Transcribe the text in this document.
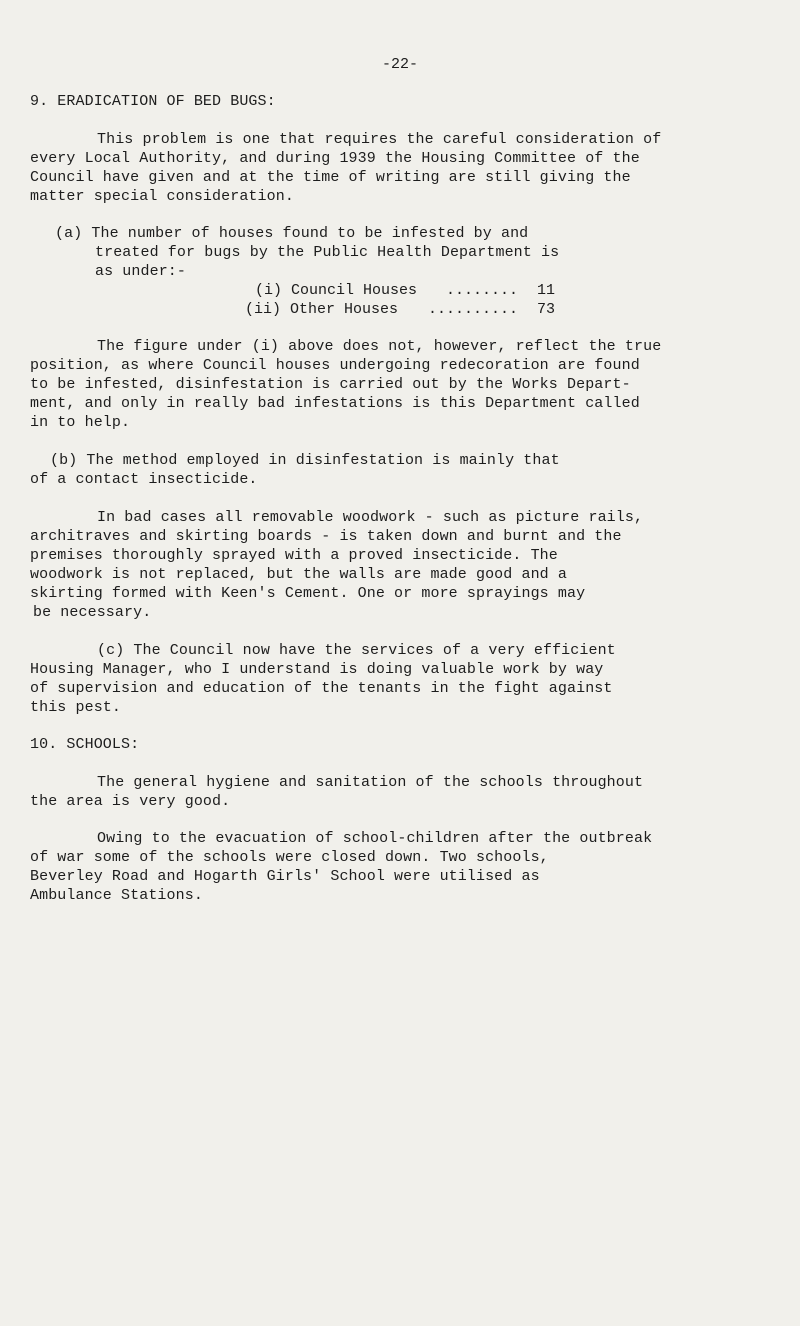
-22-
9. ERADICATION OF BED BUGS:
This problem is one that requires the careful consideration of
every Local Authority, and during 1939 the Housing Committee of the
Council have given and at the time of writing are still giving the
matter special consideration.
(a) The number of houses found to be infested by and
treated for bugs by the Public Health Department is
as under:-
(i) Council Houses ........ 11
(ii) Other Houses .......... 73
The figure under (i) above does not, however, reflect the true
position, as where Council houses undergoing redecoration are found
to be infested, disinfestation is carried out by the Works Depart-
ment, and only in really bad infestations is this Department called
in to help.
(b) The method employed in disinfestation is mainly that
of a contact insecticide.
In bad cases all removable woodwork - such as picture rails,
architraves and skirting boards - is taken down and burnt and the
premises thoroughly sprayed with a proved insecticide. The
woodwork is not replaced, but the walls are made good and a
skirting formed with Keen's Cement. One or more sprayings may
be necessary.
(c) The Council now have the services of a very efficient
Housing Manager, who I understand is doing valuable work by way
of supervision and education of the tenants in the fight against
this pest.
10. SCHOOLS:
The general hygiene and sanitation of the schools throughout
the area is very good.
Owing to the evacuation of school-children after the outbreak
of war some of the schools were closed down. Two schools,
Beverley Road and Hogarth Girls' School were utilised as
Ambulance Stations.
